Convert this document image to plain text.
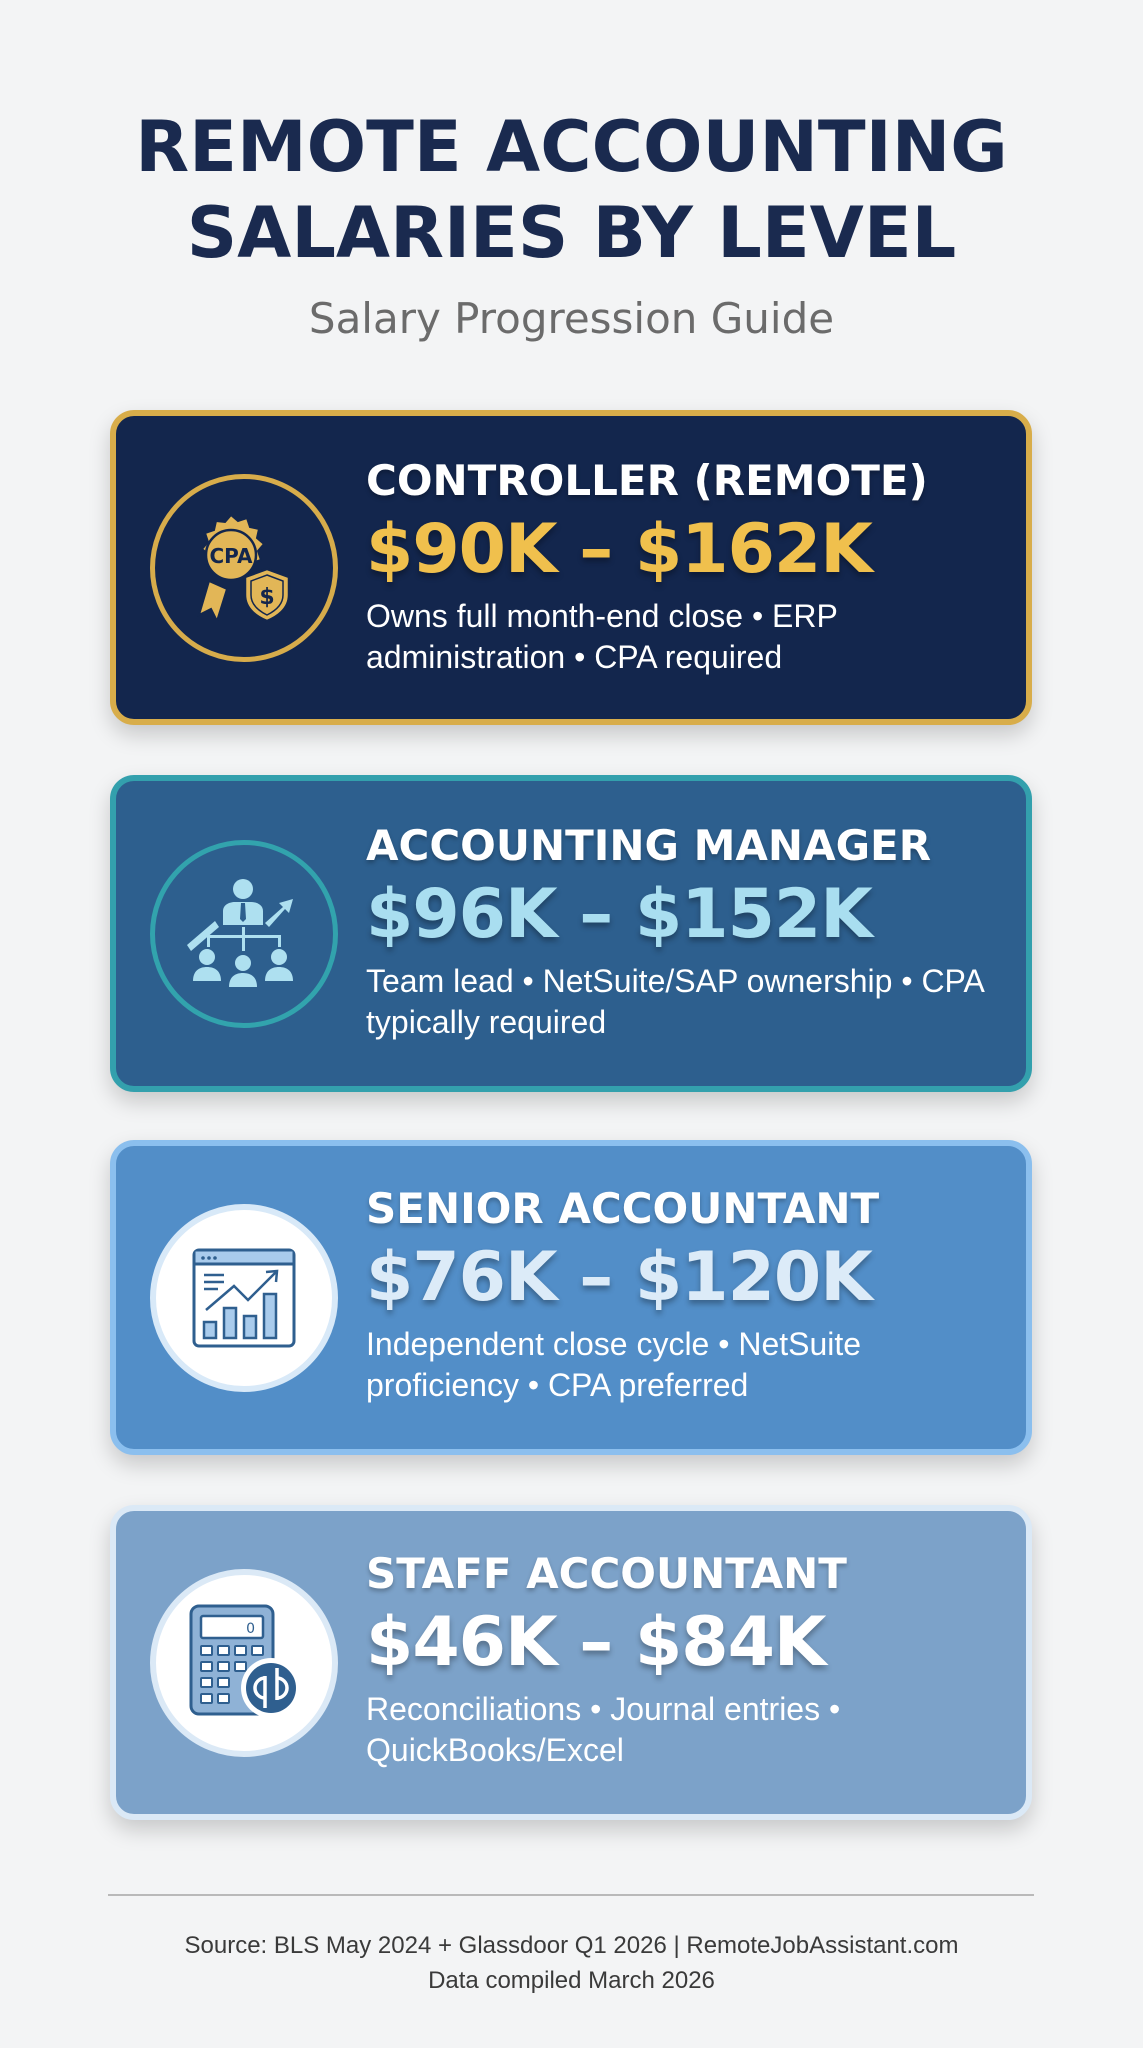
REMOTE ACCOUNTING
SALARIES BY LEVEL
Salary Progression Guide
CPA
$
CONTROLLER (REMOTE)
$90K – $162K
Owns full month-end close • ERP administration • CPA required
ACCOUNTING MANAGER
$96K – $152K
Team lead • NetSuite/SAP ownership • CPA typically required
SENIOR ACCOUNTANT
$76K – $120K
Independent close cycle • NetSuite proficiency • CPA preferred
0
STAFF ACCOUNTANT
$46K – $84K
Reconciliations • Journal entries • QuickBooks/Excel
Source: BLS May 2024 + Glassdoor Q1 2026 | RemoteJobAssistant.com
Data compiled March 2026
